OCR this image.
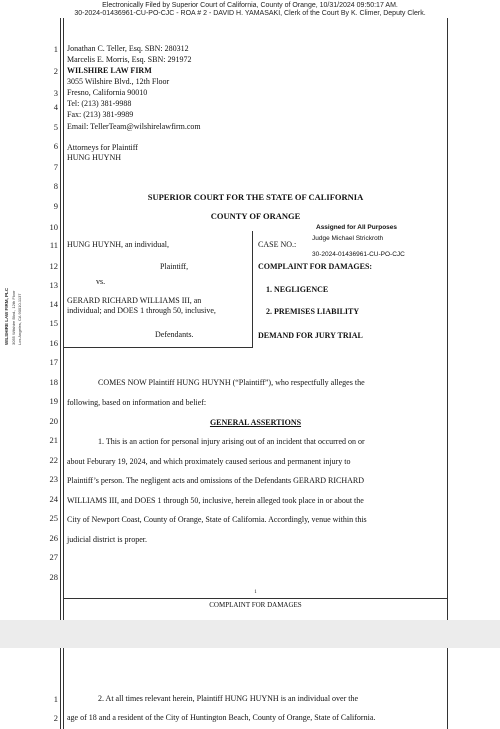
Electronically Filed by Superior Court of California, County of Orange, 10/31/2024 09:50:17 AM.
30-2024-01436961-CU-PO-CJC - ROA # 2 - DAVID H. YAMASAKI, Clerk of the Court By K. Climer, Deputy Clerk.
1
2
3
4
5
6
7
8
9
10
11
12
13
14
15
16
17
18
19
20
21
22
23
24
25
26
27
28
WILSHIRE LAW FIRM, PLC 3055 Wilshire Blvd., 12th Floor Los Angeles, CA 90010-1137
Jonathan C. Teller, Esq. SBN: 280312
Marcelis E. Morris, Esq. SBN: 291972
WILSHIRE LAW FIRM
3055 Wilshire Blvd., 12th Floor
Fresno, California 90010
Tel: (213) 381-9988
Fax: (213) 381-9989
Email: TellerTeam@wilshirelawfirm.com
Attorneys for Plaintiff
HUNG HUYNH
SUPERIOR COURT FOR THE STATE OF CALIFORNIA
COUNTY OF ORANGE
Assigned for All Purposes
Judge Michael Strickroth
HUNG HUYNH, an individual,
Plaintiff,
vs.
GERARD RICHARD WILLIAMS III, an
individual; and DOES 1 through 50, inclusive,
Defendants.
CASE NO.:
30-2024-01436961-CU-PO-CJC
COMPLAINT FOR DAMAGES:
1. NEGLIGENCE
2. PREMISES LIABILITY
DEMAND FOR JURY TRIAL
COMES NOW Plaintiff HUNG HUYNH (“Plaintiff”), who respectfully alleges the
following, based on information and belief:
GENERAL ASSERTIONS
1. This is an action for personal injury arising out of an incident that occurred on or
about Feburary 19, 2024, and which proximately caused serious and permanent injury to
Plaintiff’s person. The negligent acts and omissions of the Defendants GERARD RICHARD
WILLIAMS III, and DOES 1 through 50, inclusive, herein alleged took place in or about the
City of Newport Coast, County of Orange, State of California. Accordingly, venue within this
judicial district is proper.
1
COMPLAINT FOR DAMAGES
1
2
2. At all times relevant herein, Plaintiff HUNG HUYNH is an individual over the
age of 18 and a resident of the City of Huntington Beach, County of Orange, State of California.
